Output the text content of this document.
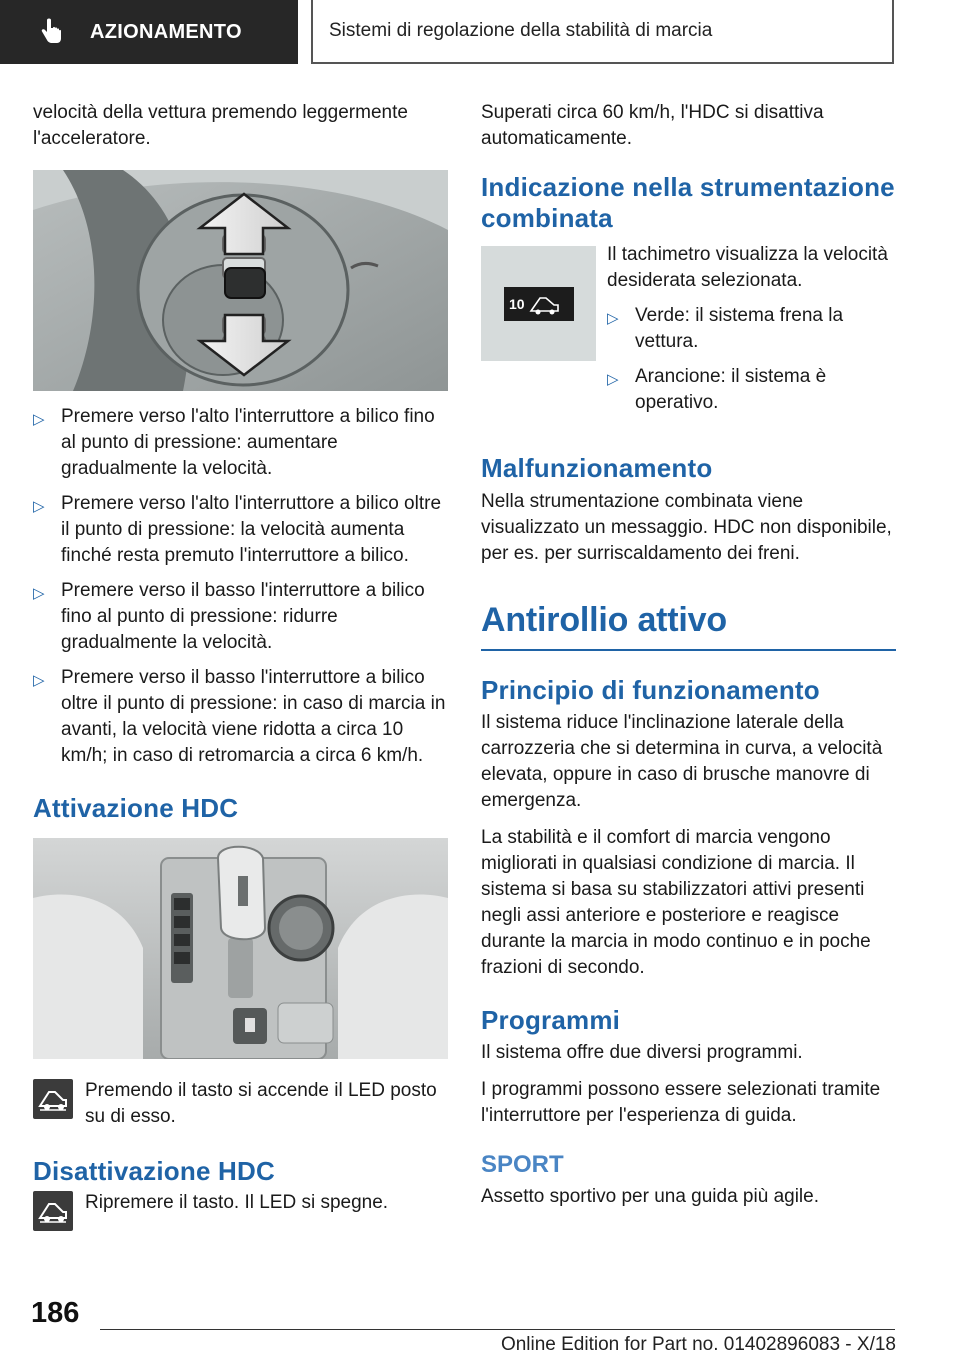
AZIONAMENTO	Sistemi di regolazione della stabilità di marcia

velocità della vettura premendo leggermente l'acceleratore.

▷ Premere verso l'alto l'interruttore a bilico fino al punto di pressione: aumentare gradualmente la velocità.
▷ Premere verso l'alto l'interruttore a bilico oltre il punto di pressione: la velocità aumenta finché resta premuto l'interruttore a bilico.
▷ Premere verso il basso l'interruttore a bilico fino al punto di pressione: ridurre gradualmente la velocità.
▷ Premere verso il basso l'interruttore a bilico oltre il punto di pressione: in caso di marcia in avanti, la velocità viene ridotta a circa 10 km/h; in caso di retromarcia a circa 6 km/h.
Attivazione HDC

Premendo il tasto si accende il LED posto su di esso.

Disattivazione HDC

Ripremere il tasto. Il LED si spegne.

Superati circa 60 km/h, l'HDC si disattiva automaticamente.

Indicazione nella strumentazione combinata
10

Il tachimetro visualizza la velocità desiderata selezionata.

▷ Verde: il sistema frena la vettura.
▷ Arancione: il sistema è operativo.
Malfunzionamento

Nella strumentazione combinata viene visualizzato un messaggio. HDC non disponibile, per es. per surriscaldamento dei freni.

Antirollio attivo
Principio di funzionamento

Il sistema riduce l'inclinazione laterale della carrozzeria che si determina in curva, a velocità elevata, oppure in caso di brusche manovre di emergenza.

La stabilità e il comfort di marcia vengono migliorati in qualsiasi condizione di marcia. Il sistema si basa su stabilizzatori attivi presenti negli assi anteriore e posteriore e reagisce durante la marcia in modo continuo e in poche frazioni di secondo.

Programmi

Il sistema offre due diversi programmi.

I programmi possono essere selezionati tramite l'interruttore per l'esperienza di guida.

SPORT

Assetto sportivo per una guida più agile.

186
Online Edition for Part no. 01402896083 - X/18
